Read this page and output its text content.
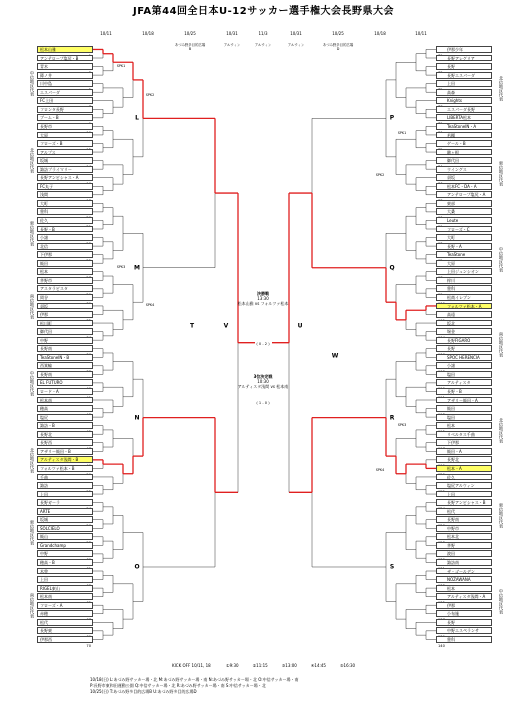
JFA第44回全日本U-12サッカー選手権大会長野県大会
10/11	10/18	10/25	10/31	11/3	10/31	10/25	10/18	10/11
あづみ野多目的広場B
アルウィン	アルウィン	アルウィン	あづみ野多目的広場D
松本山雅
アンテロープ塩尻・B
青木
篠ノ井
川中島
エスパーダ
FC上田
フロンタ長野
ブーム・B
長野市
大原
フローズ・B
アルプス
坂城
諏訪プライマリー
長野アンビシャス・A
FC丸子
浅間
大町
豊科
佐久
長野・B
小諸
北信
下伊那
飯田
松本
茅野市
アスタラビスタ
岡谷
須坂
伊那
松川町
御代田
中野
長野南
TeaStoneIN・B
西箕輪
長野南
EL FUTURO
ロード・A
松本南
穂高
塩尻
諏訪・B
長野北
長野西
アザリー飯田・B
アルティスタ浅間・B
フォルツァ松本・B
千曲
諏訪
上田
長野ガーラ
ARTE
坂城
SOLCIELO
飯山
Grandchamp
中野
穂高・B
木曽
上田
RIGEL東山
松本南
フローズ・A
赤穂
松代
長野東
伊那西
70
伊那少年
長野アレグリア
長野
長野エスパーダ
上田
高森
Knights
エスパーダ長野
LIBERTA松本
TeaStoneIN・A
若槻
ゲール・B
駒ヶ根
御代田
ウイングス
須坂
松本FC・DA・A
アンテロープ塩尻・A
東部
大桑
Leute
フローズ・C
大町
長野・A
TeaStone
大原
上田ジュンシオン
梓川
豊科
松商イレブン
フォルツァ松本・A
高遠
坂北
堀金
長野FIGARO
長野
SPOC HERENCIA
小諸
塩田
アルティスタ
長野・B
アザリー飯田・A
飯田
塩田
松本
リベルタス千曲
下伊那
飯田・A
長野北
松本・A
佐久
塩尻アルウィン
上田
長野アンビシャス・B
松代
長野南
中野市
松本北
茅野
波田
諏訪南
ザ・ゴールデン
NOZAWANA
松本
アルティスタ浅間・A
伊那
小布施
長野
中野エスペランサ
豊科
140
中信地区代表
北信地区代表
東信地区代表
南信地区代表
中信地区代表
北信地区代表
東信地区代表
南信地区代表
北信地区代表
東信地区代表
中信地区代表
南信地区代表
北信地区代表
東信地区代表
中信地区代表
L
M
N
O
P
Q
R
S
T	V	U
W
SPK1
SPK2
SPK3
SPK4
SPK1
SPK2
SPK3
SPK4
決勝戦
13:30
松本山雅 vs フォルツァ松本
3位決定戦
10:30
アルティスタ浅間 vs 松本南
( 0 - 2 )
( 1 - 0 )
KICK OFF 10/11, 18	①9:30	②11:15	③13:00	④14:45	⑤16:30
10/18(日) L:あづみ野サッカー場・北 M:あづみ野サッカー場・南 N:あづみ野サッカー場・北 O:中信サッカー場・南
P:長野市東和田運動公園 Q:中信サッカー場・北 R:あづみ野サッカー場・南 S:中信サッカー場・北
10/25(日) T:あづみ野多目的広場B U:あづみ野多目的広場D
